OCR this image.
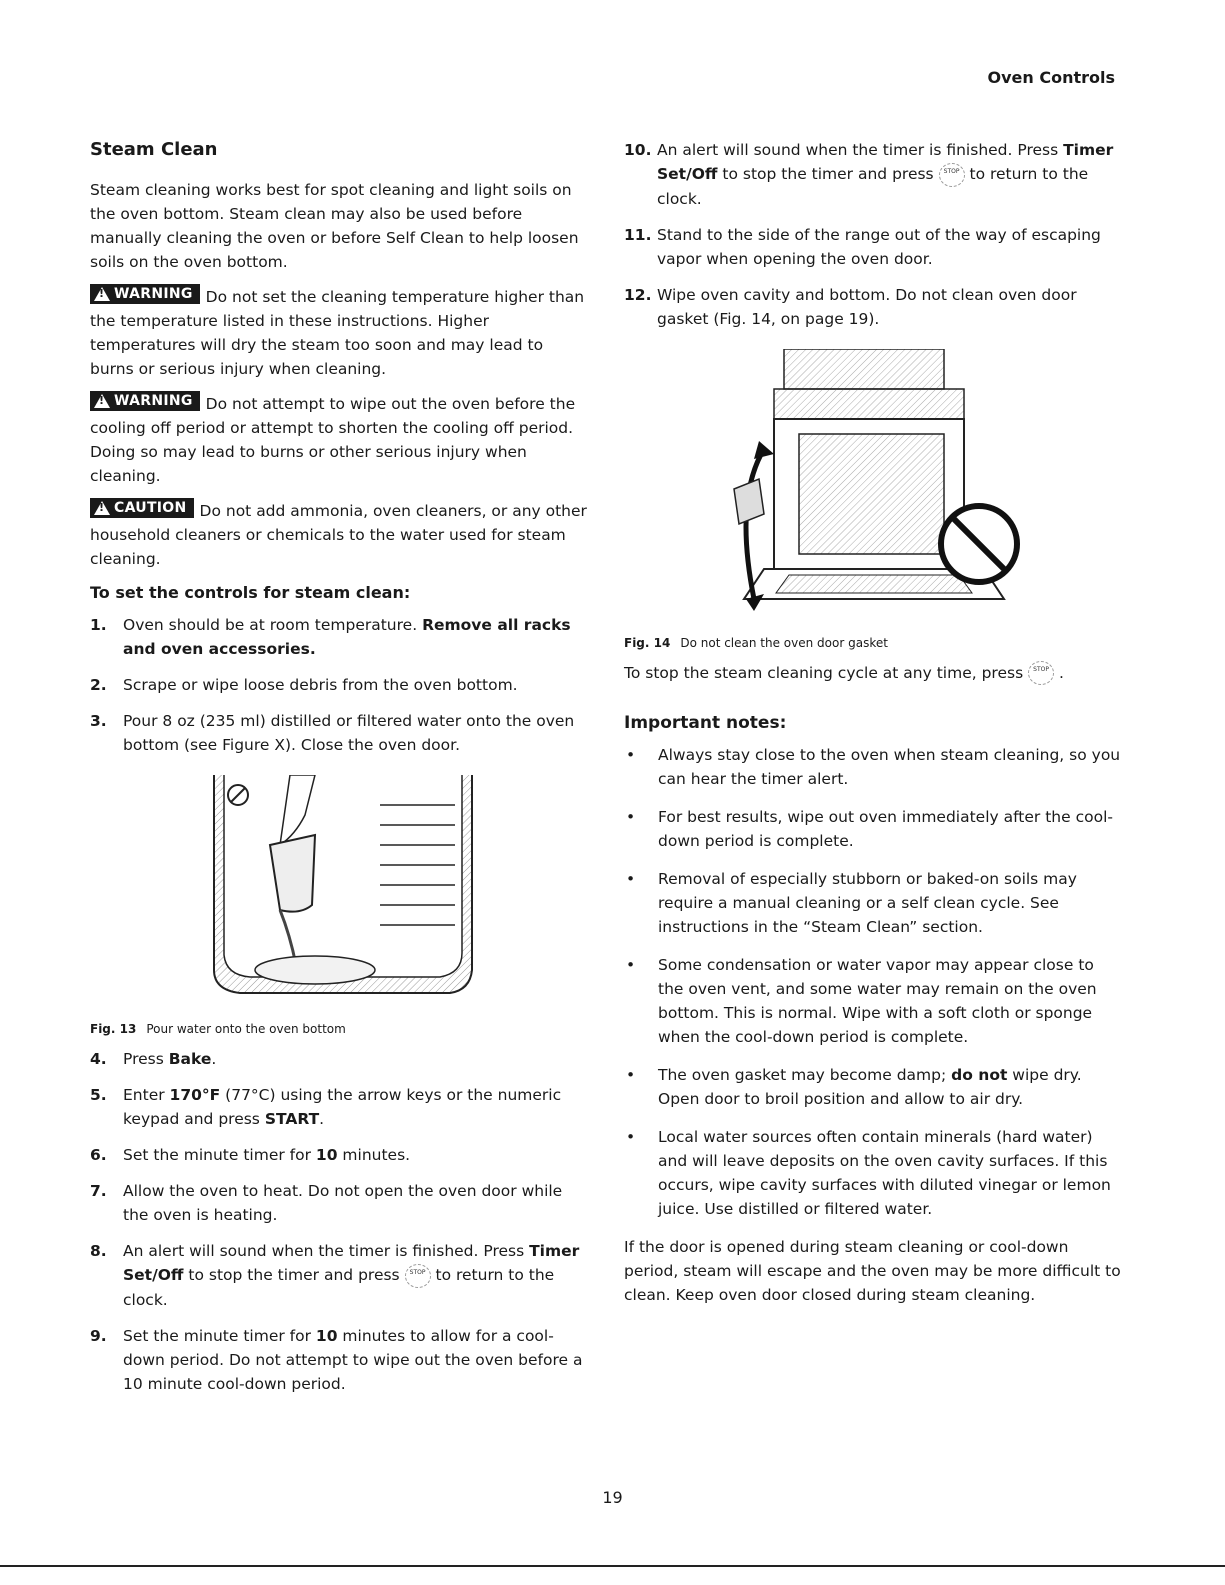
Oven Controls
Steam Clean

Steam cleaning works best for spot cleaning and light soils on the oven bottom. Steam clean may also be used before manually cleaning the oven or before Self Clean to help loosen soils on the oven bottom.

!
WARNING Do not set the cleaning temperature higher than the temperature listed in these instructions. Higher temperatures will dry the steam too soon and may lead to burns or serious injury when cleaning.

!
WARNING Do not attempt to wipe out the oven before the cooling off period or attempt to shorten the cooling off period. Doing so may lead to burns or other serious injury when cleaning.

!
CAUTION Do not add ammonia, oven cleaners, or any other household cleaners or chemicals to the water used for steam cleaning.

To set the controls for steam clean:
1. Oven should be at room temperature. Remove all racks and oven accessories.
2. Scrape or wipe loose debris from the oven bottom.
3. Pour 8 oz (235 ml) distilled or filtered water onto the oven bottom (see Figure X). Close the oven door.
Fig. 13 Pour water onto the oven bottom
4. Press Bake.
5. Enter 170°F (77°C) using the arrow keys or the numeric keypad and press START.
6. Set the minute timer for 10 minutes.
7. Allow the oven to heat. Do not open the oven door while the oven is heating.
8. An alert will sound when the timer is finished. Press Timer Set/Off to stop the timer and press STOP to return to the clock.
9. Set the minute timer for 10 minutes to allow for a cool-down period. Do not attempt to wipe out the oven before a 10 minute cool-down period.
10. An alert will sound when the timer is finished. Press Timer Set/Off to stop the timer and press STOP to return to the clock.
11. Stand to the side of the range out of the way of escaping vapor when opening the oven door.
12. Wipe oven cavity and bottom. Do not clean oven door gasket (Fig. 14, on page 19).
Fig. 14 Do not clean the oven door gasket

To stop the steam cleaning cycle at any time, press STOP .

Important notes:
• Always stay close to the oven when steam cleaning, so you can hear the timer alert.
• For best results, wipe out oven immediately after the cool-down period is complete.
• Removal of especially stubborn or baked-on soils may require a manual cleaning or a self clean cycle. See instructions in the “Steam Clean” section.
• Some condensation or water vapor may appear close to the oven vent, and some water may remain on the oven bottom. This is normal. Wipe with a soft cloth or sponge when the cool-down period is complete.
• The oven gasket may become damp; do not wipe dry. Open door to broil position and allow to air dry.
• Local water sources often contain minerals (hard water) and will leave deposits on the oven cavity surfaces. If this occurs, wipe cavity surfaces with diluted vinegar or lemon juice. Use distilled or filtered water.

If the door is opened during steam cleaning or cool-down period, steam will escape and the oven may be more difficult to clean. Keep oven door closed during steam cleaning.

19
